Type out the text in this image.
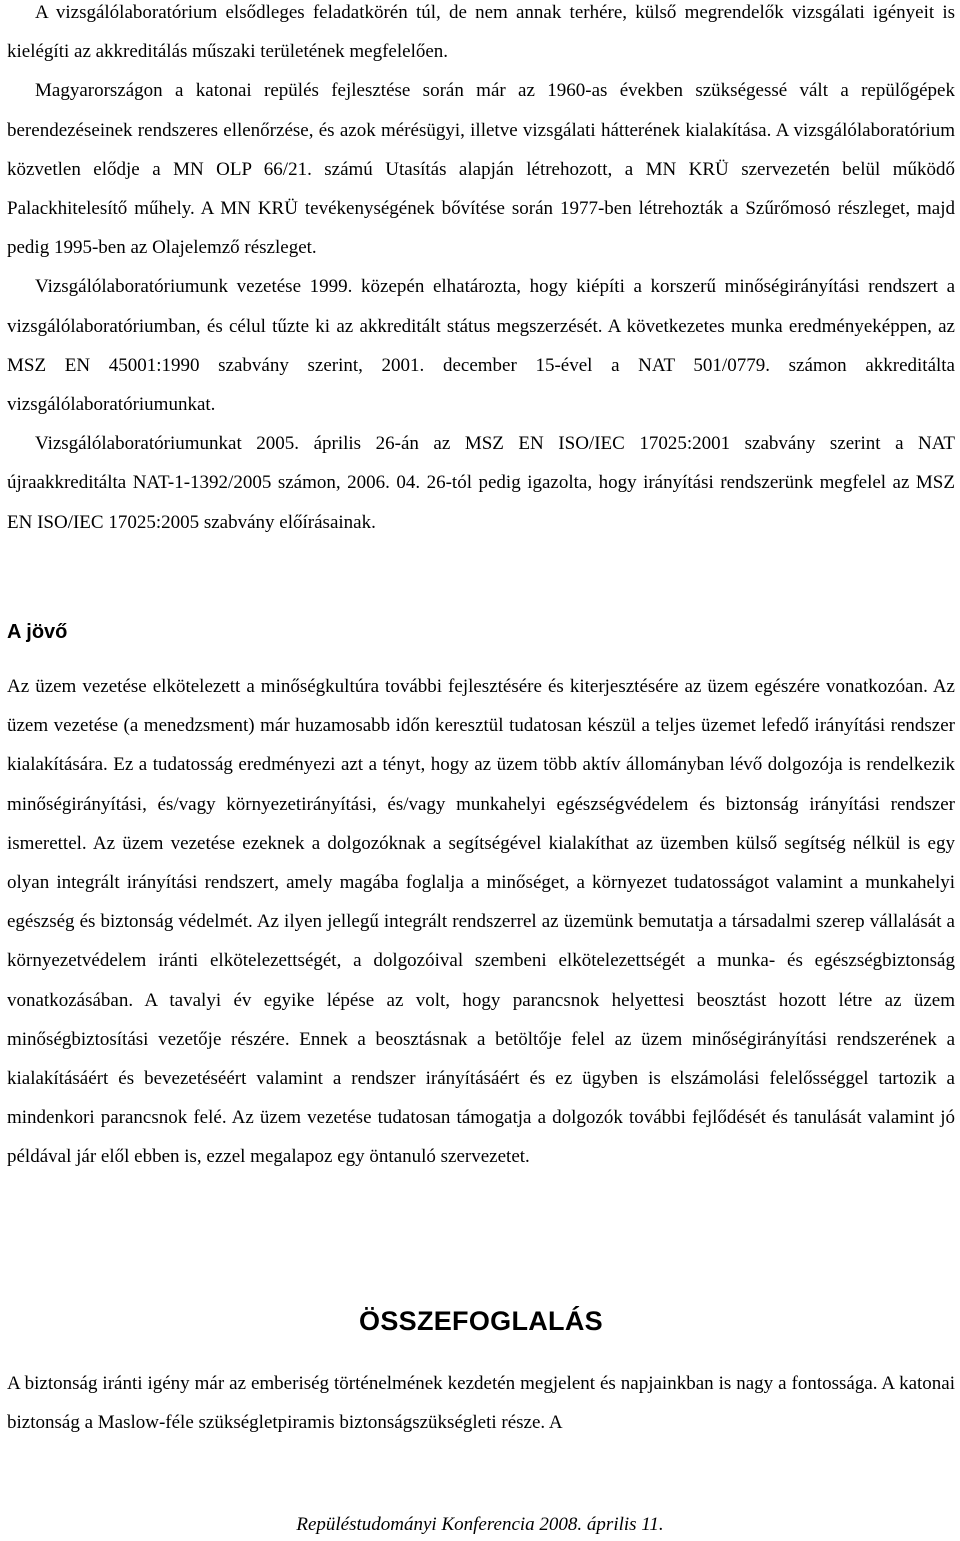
A vizsgálólaboratórium elsődleges feladatkörén túl, de nem annak terhére, külső megrendelők vizsgálati igényeit is kielégíti az akkreditálás műszaki területének megfelelően.

Magyarországon a katonai repülés fejlesztése során már az 1960-as években szükségessé vált a repülőgépek berendezéseinek rendszeres ellenőrzése, és azok mérésügyi, illetve vizsgálati hátterének kialakítása. A vizsgálólaboratórium közvetlen elődje a MN OLP 66/21. számú Utasítás alapján létrehozott, a MN KRÜ szervezetén belül működő Palackhitelesítő műhely. A MN KRÜ tevékenységének bővítése során 1977-ben létrehozták a Szűrőmosó részleget, majd pedig 1995-ben az Olajelemző részleget.

Vizsgálólaboratóriumunk vezetése 1999. közepén elhatározta, hogy kiépíti a korszerű minőségirányítási rendszert a vizsgálólaboratóriumban, és célul tűzte ki az akkreditált státus megszerzését. A következetes munka eredményeképpen, az MSZ EN 45001:1990 szabvány szerint, 2001. december 15-ével a NAT 501/0779. számon akkreditálta vizsgálólaboratóriumunkat.

Vizsgálólaboratóriumunkat 2005. április 26-án az MSZ EN ISO/IEC 17025:2001 szabvány szerint a NAT újraakkreditálta NAT-1-1392/2005 számon, 2006. 04. 26-tól pedig igazolta, hogy irányítási rendszerünk megfelel az MSZ EN ISO/IEC 17025:2005 szabvány előírásainak.

A jövő

Az üzem vezetése elkötelezett a minőségkultúra további fejlesztésére és kiterjesztésére az üzem egészére vonatkozóan. Az üzem vezetése (a menedzsment) már huzamosabb időn keresztül tudatosan készül a teljes üzemet lefedő irányítási rendszer kialakítására. Ez a tudatosság eredményezi azt a tényt, hogy az üzem több aktív állományban lévő dolgozója is rendelkezik minőségirányítási, és/vagy környezetirányítási, és/vagy munkahelyi egészségvédelem és biztonság irányítási rendszer ismerettel. Az üzem vezetése ezeknek a dolgozóknak a segítségével kialakíthat az üzemben külső segítség nélkül is egy olyan integrált irányítási rendszert, amely magába foglalja a minőséget, a környezet tudatosságot valamint a munkahelyi egészség és biztonság védelmét. Az ilyen jellegű integrált rendszerrel az üzemünk bemutatja a társadalmi szerep vállalását a környezetvédelem iránti elkötelezettségét, a dolgozóival szembeni elkötelezettségét a munka- és egészségbiztonság vonatkozásában. A tavalyi év egyike lépése az volt, hogy parancsnok helyettesi beosztást hozott létre az üzem minőségbiztosítási vezetője részére. Ennek a beosztásnak a betöltője felel az üzem minőségirányítási rendszerének a kialakításáért és bevezetéséért valamint a rendszer irányításáért és ez ügyben is elszámolási felelősséggel tartozik a mindenkori parancsnok felé. Az üzem vezetése tudatosan támogatja a dolgozók további fejlődését és tanulását valamint jó példával jár elől ebben is, ezzel megalapoz egy öntanuló szervezetet.

ÖSSZEFOGLALÁS

A biztonság iránti igény már az emberiség történelmének kezdetén megjelent és napjainkban is nagy a fontossága. A katonai biztonság a Maslow-féle szükségletpiramis biztonságszükségleti része. A

Repüléstudományi Konferencia 2008. április 11.
